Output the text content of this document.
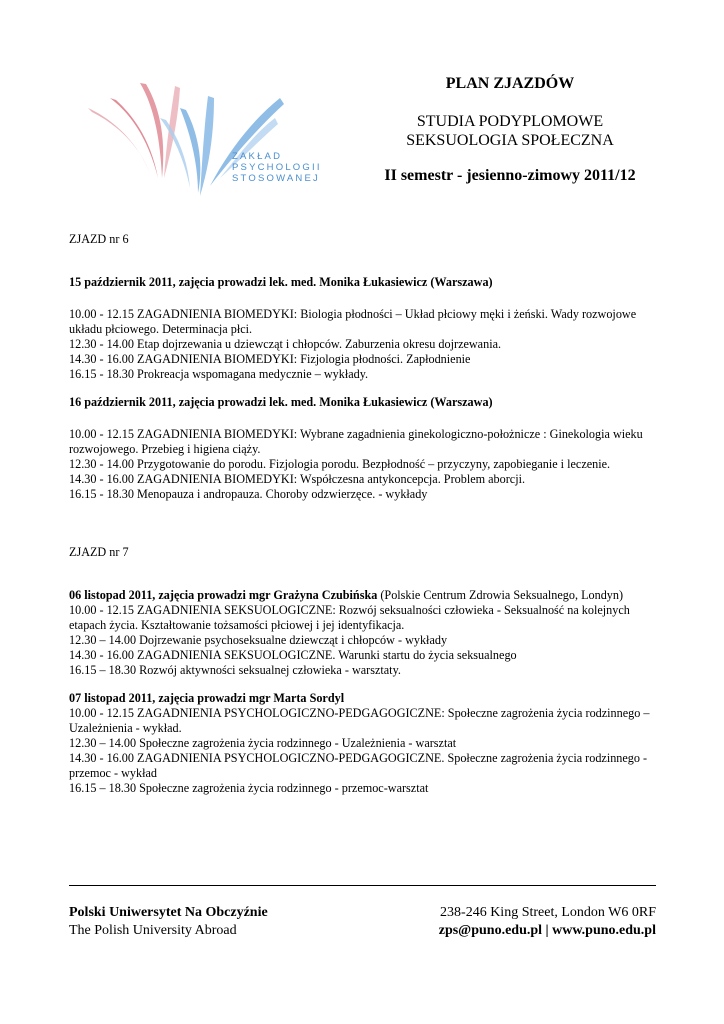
ZAKŁAD
PSYCHOLOGII
STOSOWANEJ
PLAN ZJAZDÓW
STUDIA PODYPLOMOWE
SEKSUOLOGIA SPOŁECZNA
II semestr - jesienno-zimowy 2011/12
ZJAZD nr 6
15 październik 2011, zajęcia prowadzi lek. med. Monika Łukasiewicz (Warszawa)
10.00 - 12.15 ZAGADNIENIA BIOMEDYKI: Biologia płodności – Układ płciowy męki i żeński. Wady rozwojowe układu płciowego. Determinacja płci.
12.30 - 14.00 Etap dojrzewania u dziewcząt i chłopców. Zaburzenia okresu dojrzewania.
14.30 - 16.00 ZAGADNIENIA BIOMEDYKI: Fizjologia płodności. Zapłodnienie
16.15 - 18.30 Prokreacja wspomagana medycznie – wykłady.
16 październik 2011, zajęcia prowadzi lek. med. Monika Łukasiewicz (Warszawa)
10.00 - 12.15 ZAGADNIENIA BIOMEDYKI: Wybrane zagadnienia ginekologiczno-położnicze : Ginekologia wieku rozwojowego. Przebieg i higiena ciąży.
12.30 - 14.00 Przygotowanie do porodu. Fizjologia porodu. Bezpłodność – przyczyny, zapobieganie i leczenie.
14.30 - 16.00 ZAGADNIENIA BIOMEDYKI: Współczesna antykoncepcja. Problem aborcji.
16.15 - 18.30 Menopauza i andropauza. Choroby odzwierzęce. - wykłady
ZJAZD nr 7
06 listopad 2011, zajęcia prowadzi mgr Grażyna Czubińska (Polskie Centrum Zdrowia Seksualnego, Londyn)
10.00 - 12.15 ZAGADNIENIA SEKSUOLOGICZNE: Rozwój seksualności człowieka - Seksualność na kolejnych etapach życia. Kształtowanie tożsamości płciowej i jej identyfikacja.
12.30 – 14.00 Dojrzewanie psychoseksualne dziewcząt i chłopców - wykłady
14.30 - 16.00 ZAGADNIENIA SEKSUOLOGICZNE. Warunki startu do życia seksualnego
16.15 – 18.30 Rozwój aktywności seksualnej człowieka - warsztaty.
07 listopad 2011, zajęcia prowadzi mgr Marta Sordyl
10.00 - 12.15 ZAGADNIENIA PSYCHOLOGICZNO-PEDGAGOGICZNE: Społeczne zagrożenia życia rodzinnego – Uzależnienia - wykład.
12.30 – 14.00 Społeczne zagrożenia życia rodzinnego - Uzależnienia - warsztat
14.30 - 16.00 ZAGADNIENIA PSYCHOLOGICZNO-PEDGAGOGICZNE. Społeczne zagrożenia życia rodzinnego - przemoc - wykład
16.15 – 18.30 Społeczne zagrożenia życia rodzinnego - przemoc-warsztat
Polski Uniwersytet Na Obczyźnie
The Polish University Abroad
238-246 King Street, London W6 0RF
zps@puno.edu.pl | www.puno.edu.pl
